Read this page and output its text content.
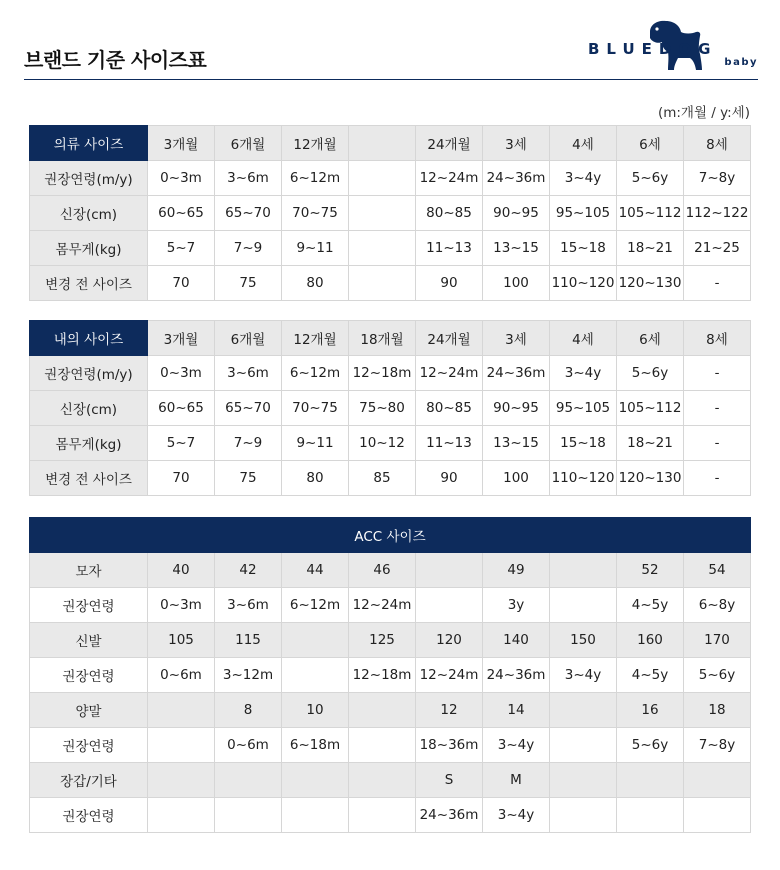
브랜드 기준 사이즈표	BLUEDOG
baby
(m:개월 / y:세)
의류 사이즈	3개월	6개월	12개월		24개월	3세	4세	6세	8세
권장연령(m/y)	0~3m	3~6m	6~12m		12~24m	24~36m	3~4y	5~6y	7~8y
신장(cm)	60~65	65~70	70~75		80~85	90~95	95~105	105~112	112~122
몸무게(kg)	5~7	7~9	9~11		11~13	13~15	15~18	18~21	21~25
변경 전 사이즈	70	75	80		90	100	110~120	120~130	-
내의 사이즈	3개월	6개월	12개월	18개월	24개월	3세	4세	6세	8세
권장연령(m/y)	0~3m	3~6m	6~12m	12~18m	12~24m	24~36m	3~4y	5~6y	-
신장(cm)	60~65	65~70	70~75	75~80	80~85	90~95	95~105	105~112	-
몸무게(kg)	5~7	7~9	9~11	10~12	11~13	13~15	15~18	18~21	-
변경 전 사이즈	70	75	80	85	90	100	110~120	120~130	-
ACC 사이즈									
모자	40	42	44	46		49		52	54
권장연령	0~3m	3~6m	6~12m	12~24m		3y		4~5y	6~8y
신발	105	115		125	120	140	150	160	170
권장연령	0~6m	3~12m		12~18m	12~24m	24~36m	3~4y	4~5y	5~6y
양말		8	10		12	14		16	18
권장연령		0~6m	6~18m		18~36m	3~4y		5~6y	7~8y
장갑/기타					S	M			
권장연령					24~36m	3~4y			
